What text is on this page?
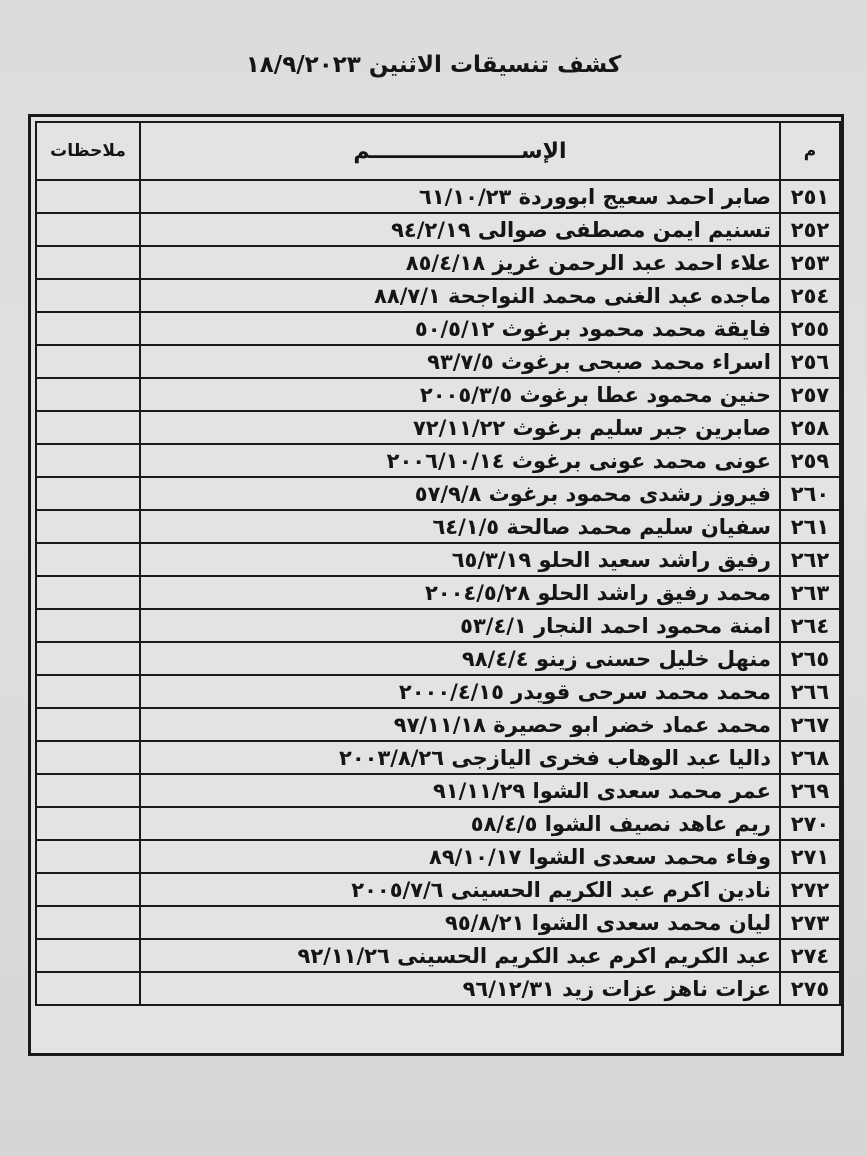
كشف تنسيقات الاثنين ١٨/٩/٢٠٢٣
م	الإســــــــــــــــــــم	ملاحظات
٢٥١	صابر احمد سعيج ابووردة ٦١/١٠/٢٣	
٢٥٢	تسنيم ايمن مصطفى صوالى ٩٤/٢/١٩	
٢٥٣	علاء احمد عبد الرحمن غريز ٨٥/٤/١٨	
٢٥٤	ماجده عبد الغنى محمد النواجحة ٨٨/٧/١	
٢٥٥	فايقة محمد محمود برغوث ٥٠/٥/١٢	
٢٥٦	اسراء محمد صبحى برغوث ٩٣/٧/٥	
٢٥٧	حنين محمود عطا برغوث ٢٠٠٥/٣/٥	
٢٥٨	صابرين جبر سليم برغوث ٧٢/١١/٢٢	
٢٥٩	عونى محمد عونى برغوث ٢٠٠٦/١٠/١٤	
٢٦٠	فيروز رشدى محمود برغوث ٥٧/٩/٨	
٢٦١	سفيان سليم محمد صالحة ٦٤/١/٥	
٢٦٢	رفيق راشد سعيد الحلو ٦٥/٣/١٩	
٢٦٣	محمد رفيق راشد الحلو ٢٠٠٤/٥/٢٨	
٢٦٤	امنة محمود احمد النجار ٥٣/٤/١	
٢٦٥	منهل خليل حسنى زينو ٩٨/٤/٤	
٢٦٦	محمد محمد سرحى قويدر ٢٠٠٠/٤/١٥	
٢٦٧	محمد عماد خضر ابو حصيرة ٩٧/١١/١٨	
٢٦٨	داليا عبد الوهاب فخرى اليازجى ٢٠٠٣/٨/٢٦	
٢٦٩	عمر محمد سعدى الشوا ٩١/١١/٢٩	
٢٧٠	ريم عاهد نصيف الشوا ٥٨/٤/٥	
٢٧١	وفاء محمد سعدى الشوا ٨٩/١٠/١٧	
٢٧٢	نادين اكرم عبد الكريم الحسينى ٢٠٠٥/٧/٦	
٢٧٣	ليان محمد سعدى الشوا ٩٥/٨/٢١	
٢٧٤	عبد الكريم اكرم عبد الكريم الحسينى ٩٢/١١/٢٦	
٢٧٥	عزات ناهز عزات زيد ٩٦/١٢/٣١	
